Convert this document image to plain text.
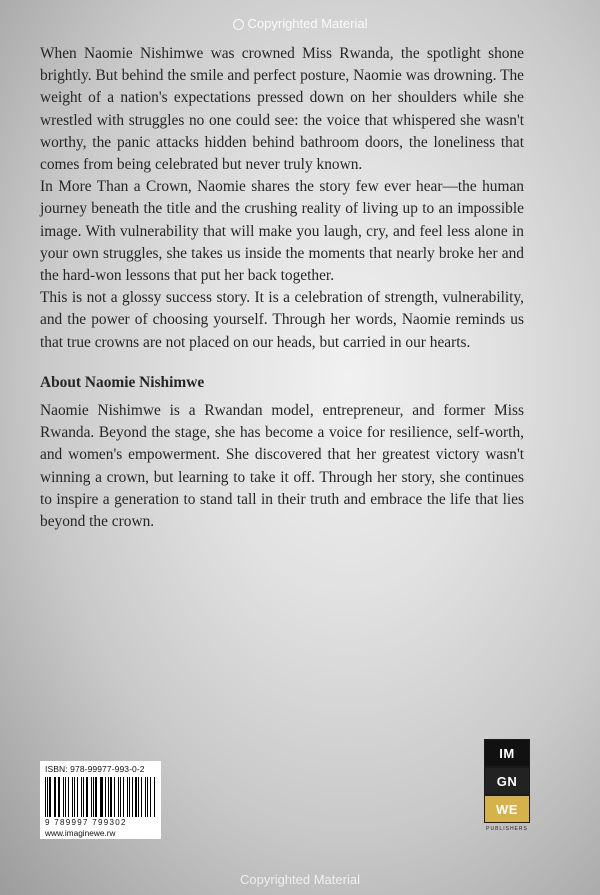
Copyrighted Material

When Naomie Nishimwe was crowned Miss Rwanda, the spotlight shone brightly. But behind the smile and perfect posture, Naomie was drowning. The weight of a nation's expectations pressed down on her shoulders while she wrestled with struggles no one could see: the voice that whispered she wasn't worthy, the panic attacks hidden behind bathroom doors, the loneliness that comes from being celebrated but never truly known.

In More Than a Crown, Naomie shares the story few ever hear—the human journey beneath the title and the crushing reality of living up to an impossible image. With vulnerability that will make you laugh, cry, and feel less alone in your own struggles, she takes us inside the moments that nearly broke her and the hard-won lessons that put her back together.

This is not a glossy success story. It is a celebration of strength, vulnerability, and the power of choosing yourself. Through her words, Naomie reminds us that true crowns are not placed on our heads, but carried in our hearts.

About Naomie Nishimwe

Naomie Nishimwe is a Rwandan model, entrepreneur, and former Miss Rwanda. Beyond the stage, she has become a voice for resilience, self-worth, and women's empowerment. She discovered that her greatest victory wasn't winning a crown, but learning to take it off. Through her story, she continues to inspire a generation to stand tall in their truth and embrace the life that lies beyond the crown.

ISBN: 978-99977-993-0-2
9 789997 799302
www.imaginewe.rw
IM
GN
WE
PUBLISHERS
Copyrighted Material
